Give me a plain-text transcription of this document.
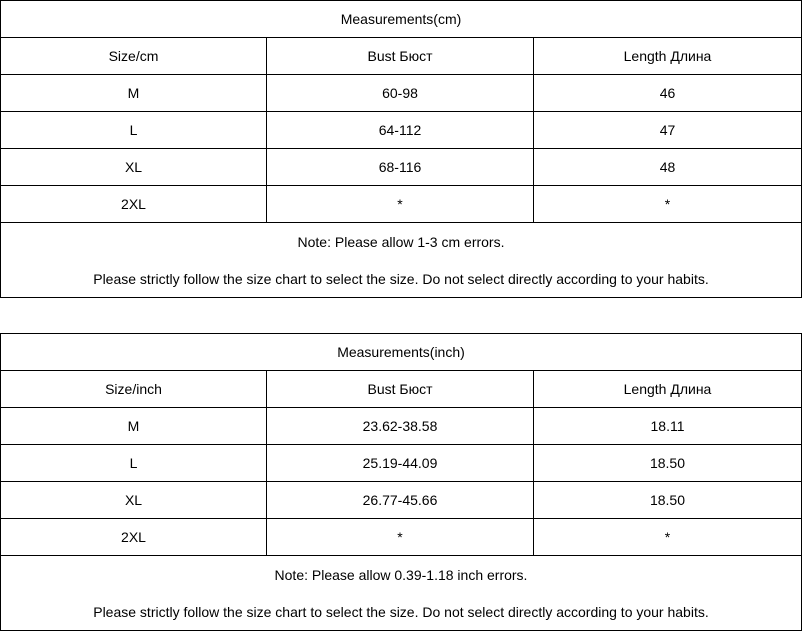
Measurements(cm)
Size/cm	Bust Бюст	Length Длина
M	60-98	46
L	64-112	47
XL	68-116	48
2XL	*	*
Note: Please allow 1-3 cm errors.
Please strictly follow the size chart to select the size. Do not select directly according to your habits.
Measurements(inch)
Size/inch	Bust Бюст	Length Длина
M	23.62-38.58	18.11
L	25.19-44.09	18.50
XL	26.77-45.66	18.50
2XL	*	*
Note: Please allow 0.39-1.18 inch errors.
Please strictly follow the size chart to select the size. Do not select directly according to your habits.
